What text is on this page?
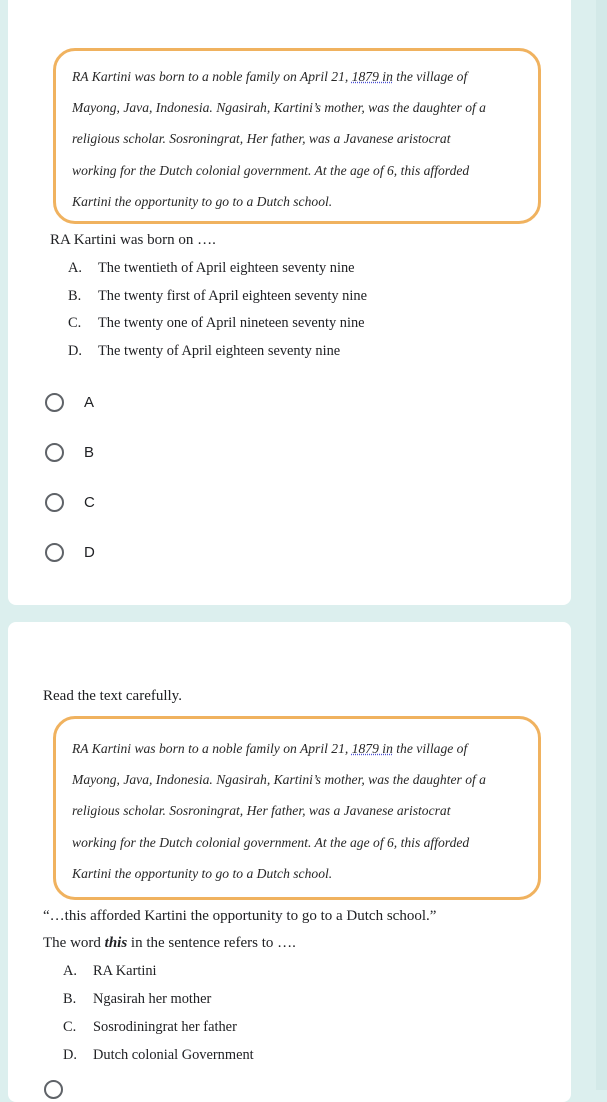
RA Kartini was born to a noble family on April 21, 1879 in the village of

Mayong, Java, Indonesia. Ngasirah, Kartini’s mother, was the daughter of a

religious scholar. Sosroningrat, Her father, was a Javanese aristocrat

working for the Dutch colonial government. At the age of 6, this afforded

Kartini the opportunity to go to a Dutch school.

RA Kartini was born on ….
A. The twentieth of April eighteen seventy nine
B. The twenty first of April eighteen seventy nine
C. The twenty one of April nineteen seventy nine
D. The twenty of April eighteen seventy nine
A
B
C
D
Read the text carefully.

RA Kartini was born to a noble family on April 21, 1879 in the village of

Mayong, Java, Indonesia. Ngasirah, Kartini’s mother, was the daughter of a

religious scholar. Sosroningrat, Her father, was a Javanese aristocrat

working for the Dutch colonial government. At the age of 6, this afforded

Kartini the opportunity to go to a Dutch school.

“…this afforded Kartini the opportunity to go to a Dutch school.”
The word this in the sentence refers to ….
A. RA Kartini
B. Ngasirah her mother
C. Sosrodiningrat her father
D. Dutch colonial Government
